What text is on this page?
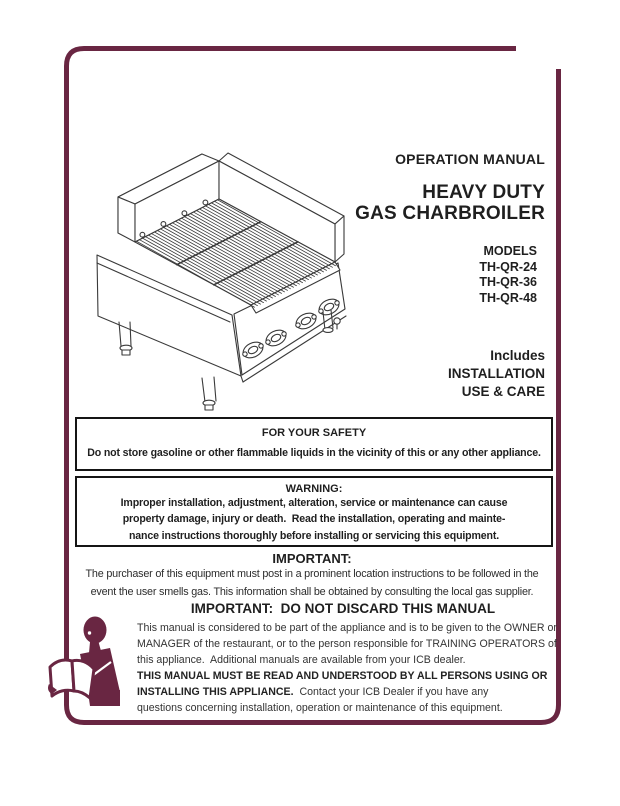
OPERATION MANUAL
HEAVY DUTY
GAS CHARBROILER
MODELS
TH-QR-24
TH-QR-36
TH-QR-48
Includes
INSTALLATION
USE & CARE
FOR YOUR SAFETY
Do not store gasoline or other flammable liquids in the vicinity of this or any other appliance.
WARNING:
Improper installation, adjustment, alteration, service or maintenance can cause
property damage, injury or death.  Read the installation, operating and mainte-
nance instructions thoroughly before installing or servicing this equipment.
IMPORTANT:
The purchaser of this equipment must post in a prominent location instructions to be followed in the
event the user smells gas. This information shall be obtained by consulting the local gas supplier.
IMPORTANT:  DO NOT DISCARD THIS MANUAL
This manual is considered to be part of the appliance and is to be given to the OWNER or
MANAGER of the restaurant, or to the person responsible for TRAINING OPERATORS of
this appliance.  Additional manuals are available from your ICB dealer.
THIS MANUAL MUST BE READ AND UNDERSTOOD BY ALL PERSONS USING OR
INSTALLING THIS APPLIANCE.  Contact your ICB Dealer if you have any
questions concerning installation, operation or maintenance of this equipment.
